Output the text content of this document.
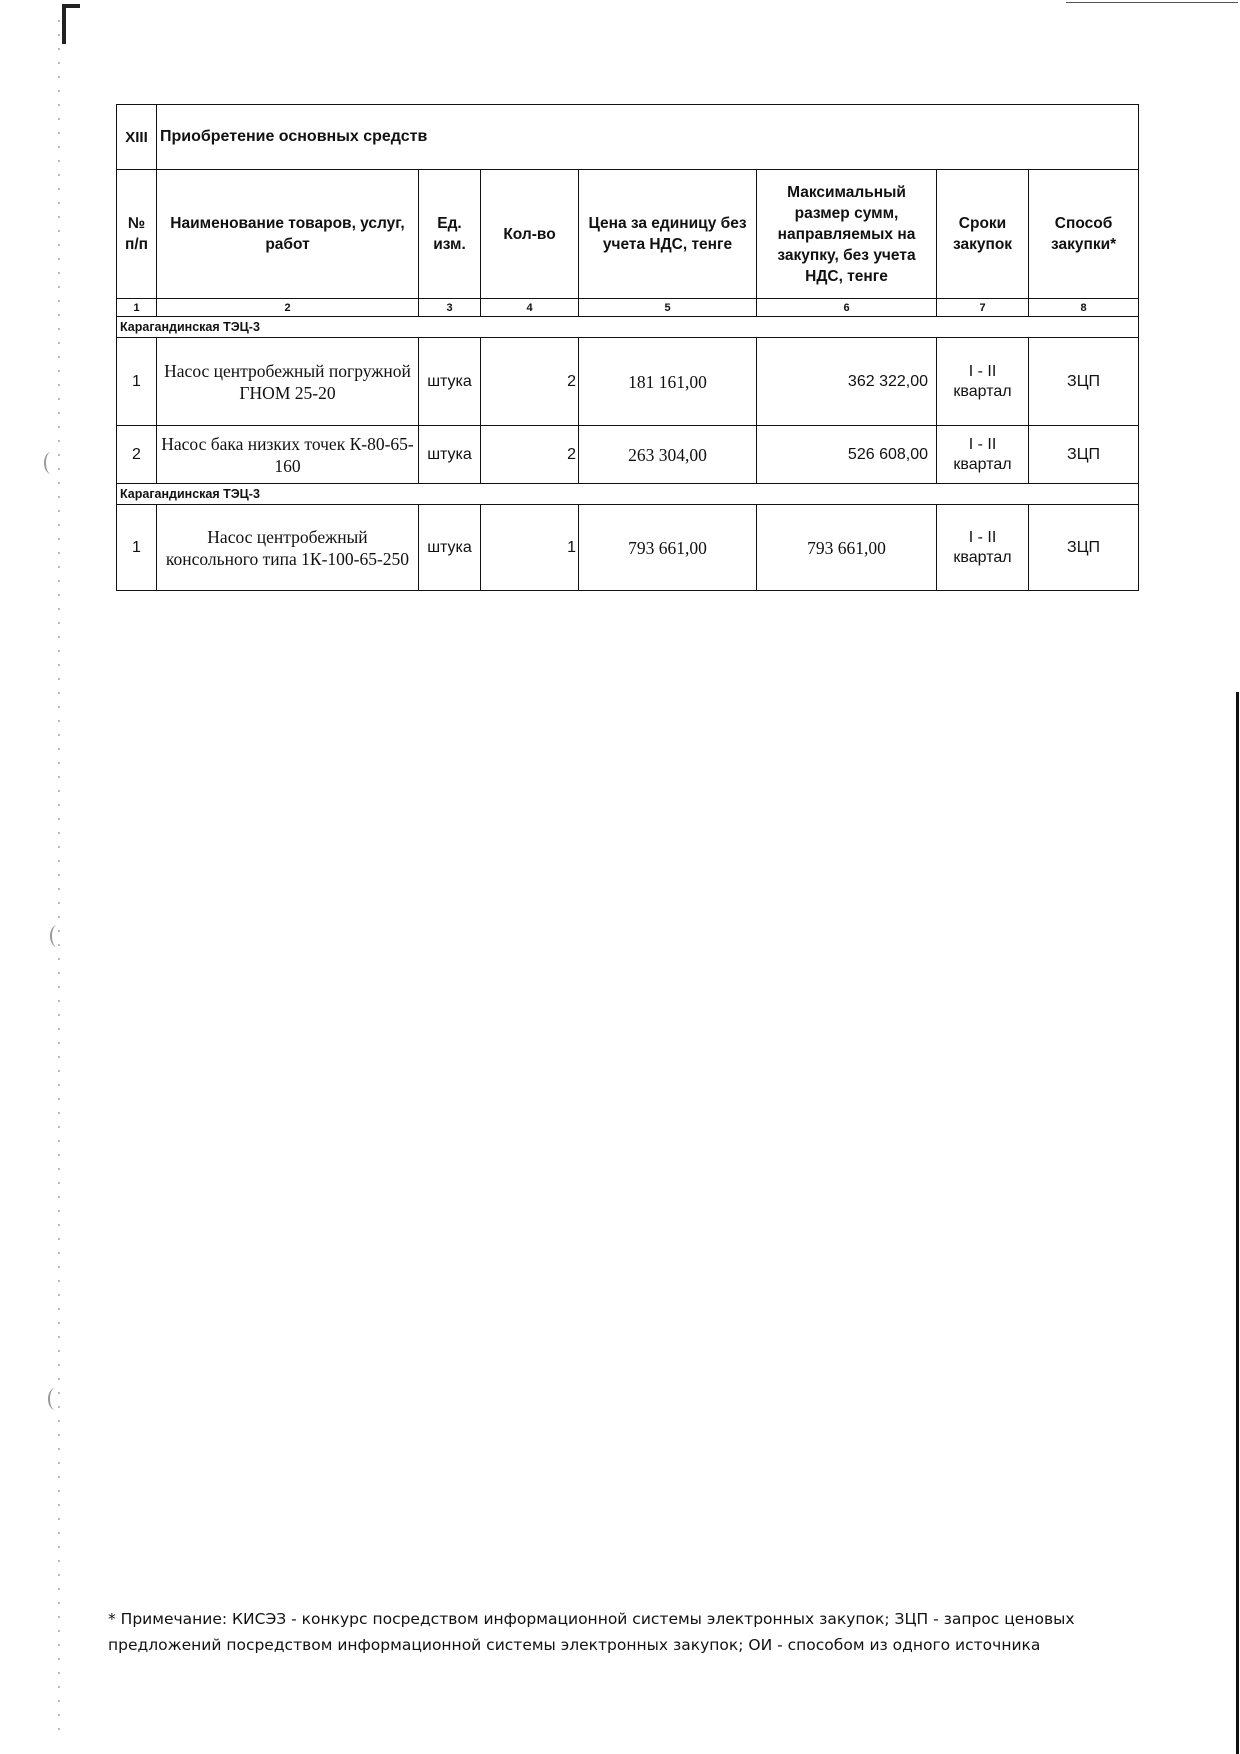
XIII	Приобретение основных средств						
№ п/п	Наименование товаров, услуг, работ	Ед. изм.	Кол-во	Цена за единицу без учета НДС, тенге	Максимальный размер сумм, направляемых на закупку, без учета НДС, тенге	Сроки закупок	Способ закупки*
1	2	3	4	5	6	7	8
Карагандинская ТЭЦ-3							
1	Насос центробежный погружной ГНОМ 25-20	штука	2	181 161,00	362 322,00	I - II квартал	ЗЦП
2	Насос бака низких точек К-80-65-160	штука	2	263 304,00	526 608,00	I - II квартал	ЗЦП
Карагандинская ТЭЦ-3							
1	Насос центробежный консольного типа 1К-100-65-250	штука	1	793 661,00	793 661,00	I - II квартал	ЗЦП
* Примечание: КИСЭЗ - конкурс посредством информационной системы электронных закупок; ЗЦП - запрос ценовых предложений посредством информационной системы электронных закупок; ОИ - способом из одного источника
